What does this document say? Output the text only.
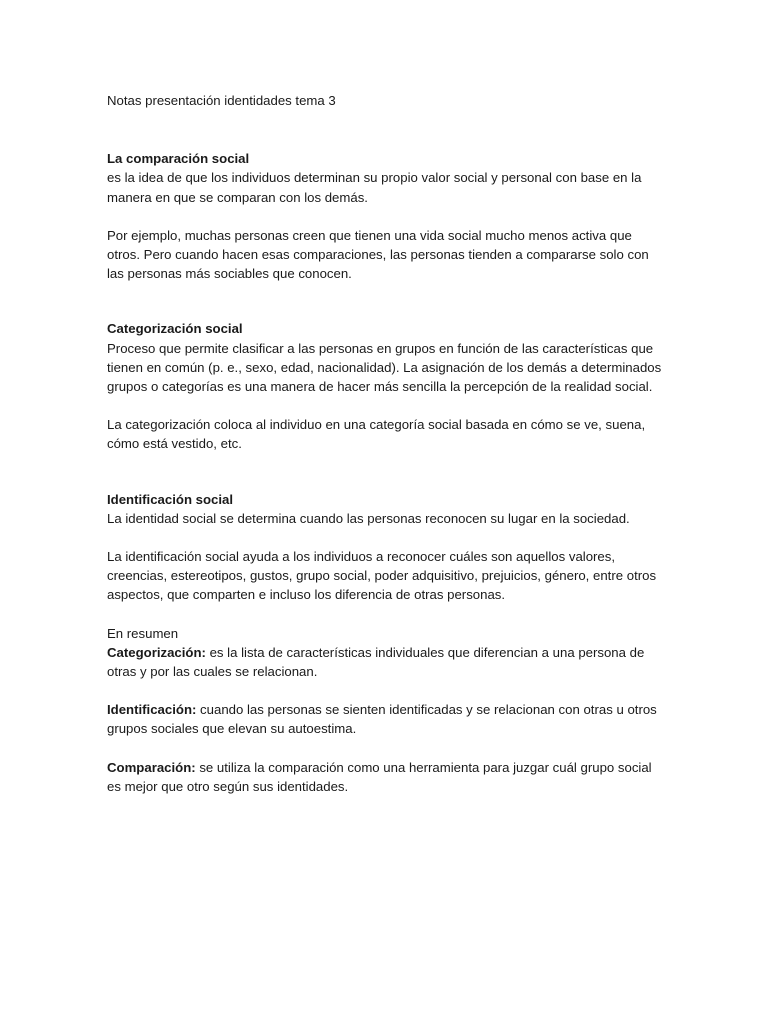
Notas presentación identidades tema 3

La comparación social

es la idea de que los individuos determinan su propio valor social y personal con base en la manera en que se comparan con los demás.

Por ejemplo, muchas personas creen que tienen una vida social mucho menos activa que otros. Pero cuando hacen esas comparaciones, las personas tienden a compararse solo con las personas más sociables que conocen.

Categorización social

Proceso que permite clasificar a las personas en grupos en función de las características que tienen en común (p. e., sexo, edad, nacionalidad). La asignación de los demás a determinados grupos o categorías es una manera de hacer más sencilla la percepción de la realidad social.

La categorización coloca al individuo en una categoría social basada en cómo se ve, suena, cómo está vestido, etc.

Identificación social

La identidad social se determina cuando las personas reconocen su lugar en la sociedad.

La identificación social ayuda a los individuos a reconocer cuáles son aquellos valores, creencias, estereotipos, gustos, grupo social, poder adquisitivo, prejuicios, género, entre otros aspectos, que comparten e incluso los diferencia de otras personas.

En resumen

Categorización: es la lista de características individuales que diferencian a una persona de otras y por las cuales se relacionan.

Identificación: cuando las personas se sienten identificadas y se relacionan con otras u otros grupos sociales que elevan su autoestima.

Comparación: se utiliza la comparación como una herramienta para juzgar cuál grupo social es mejor que otro según sus identidades.
